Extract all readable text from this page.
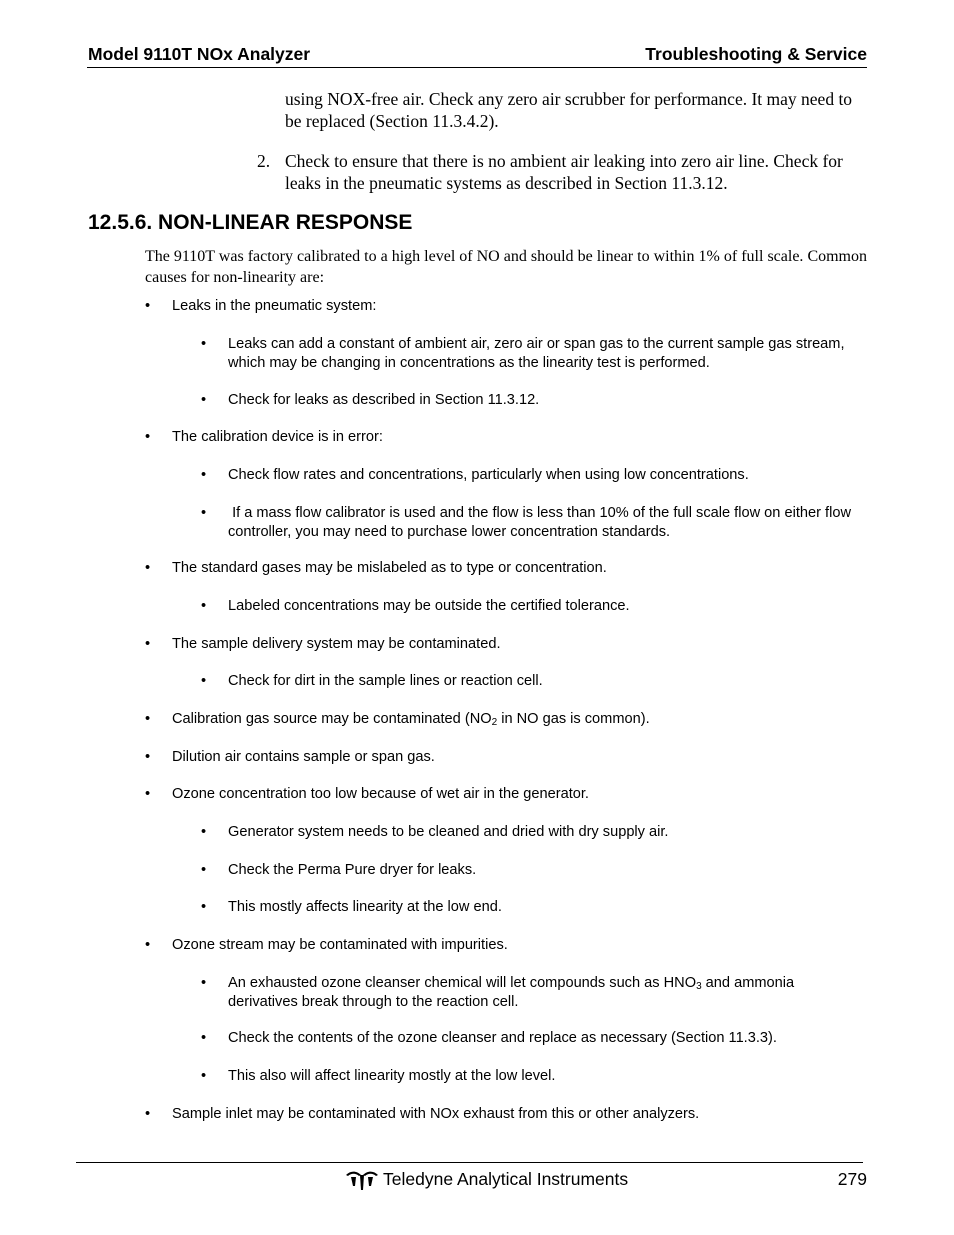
Model 9110T NOx Analyzer	Troubleshooting & Service
using NOX-free air. Check any zero air scrubber for performance. It may need to be replaced (Section 11.3.4.2).
2. Check to ensure that there is no ambient air leaking into zero air line. Check for leaks in the pneumatic systems as described in Section 11.3.12.
12.5.6. NON-LINEAR RESPONSE
The 9110T was factory calibrated to a high level of NO and should be linear to within 1% of full scale. Common causes for non-linearity are:
• Leaks in the pneumatic system:
• Leaks can add a constant of ambient air, zero air or span gas to the current sample gas stream, which may be changing in concentrations as the linearity test is performed.
• Check for leaks as described in Section 11.3.12.
• The calibration device is in error:
• Check flow rates and concentrations, particularly when using low concentrations.
• If a mass flow calibrator is used and the flow is less than 10% of the full scale flow on either flow controller, you may need to purchase lower concentration standards.
• The standard gases may be mislabeled as to type or concentration.
• Labeled concentrations may be outside the certified tolerance.
• The sample delivery system may be contaminated.
• Check for dirt in the sample lines or reaction cell.
• Calibration gas source may be contaminated ($NO_2$ in NO gas is common).
• Dilution air contains sample or span gas.
• Ozone concentration too low because of wet air in the generator.
• Generator system needs to be cleaned and dried with dry supply air.
• Check the Perma Pure dryer for leaks.
• This mostly affects linearity at the low end.
• Ozone stream may be contaminated with impurities.
• An exhausted ozone cleanser chemical will let compounds such as $HNO_3$ and ammonia derivatives break through to the reaction cell.
• Check the contents of the ozone cleanser and replace as necessary (Section 11.3.3).
• This also will affect linearity mostly at the low level.
• Sample inlet may be contaminated with NOx exhaust from this or other analyzers.
Teledyne Analytical Instruments	279
